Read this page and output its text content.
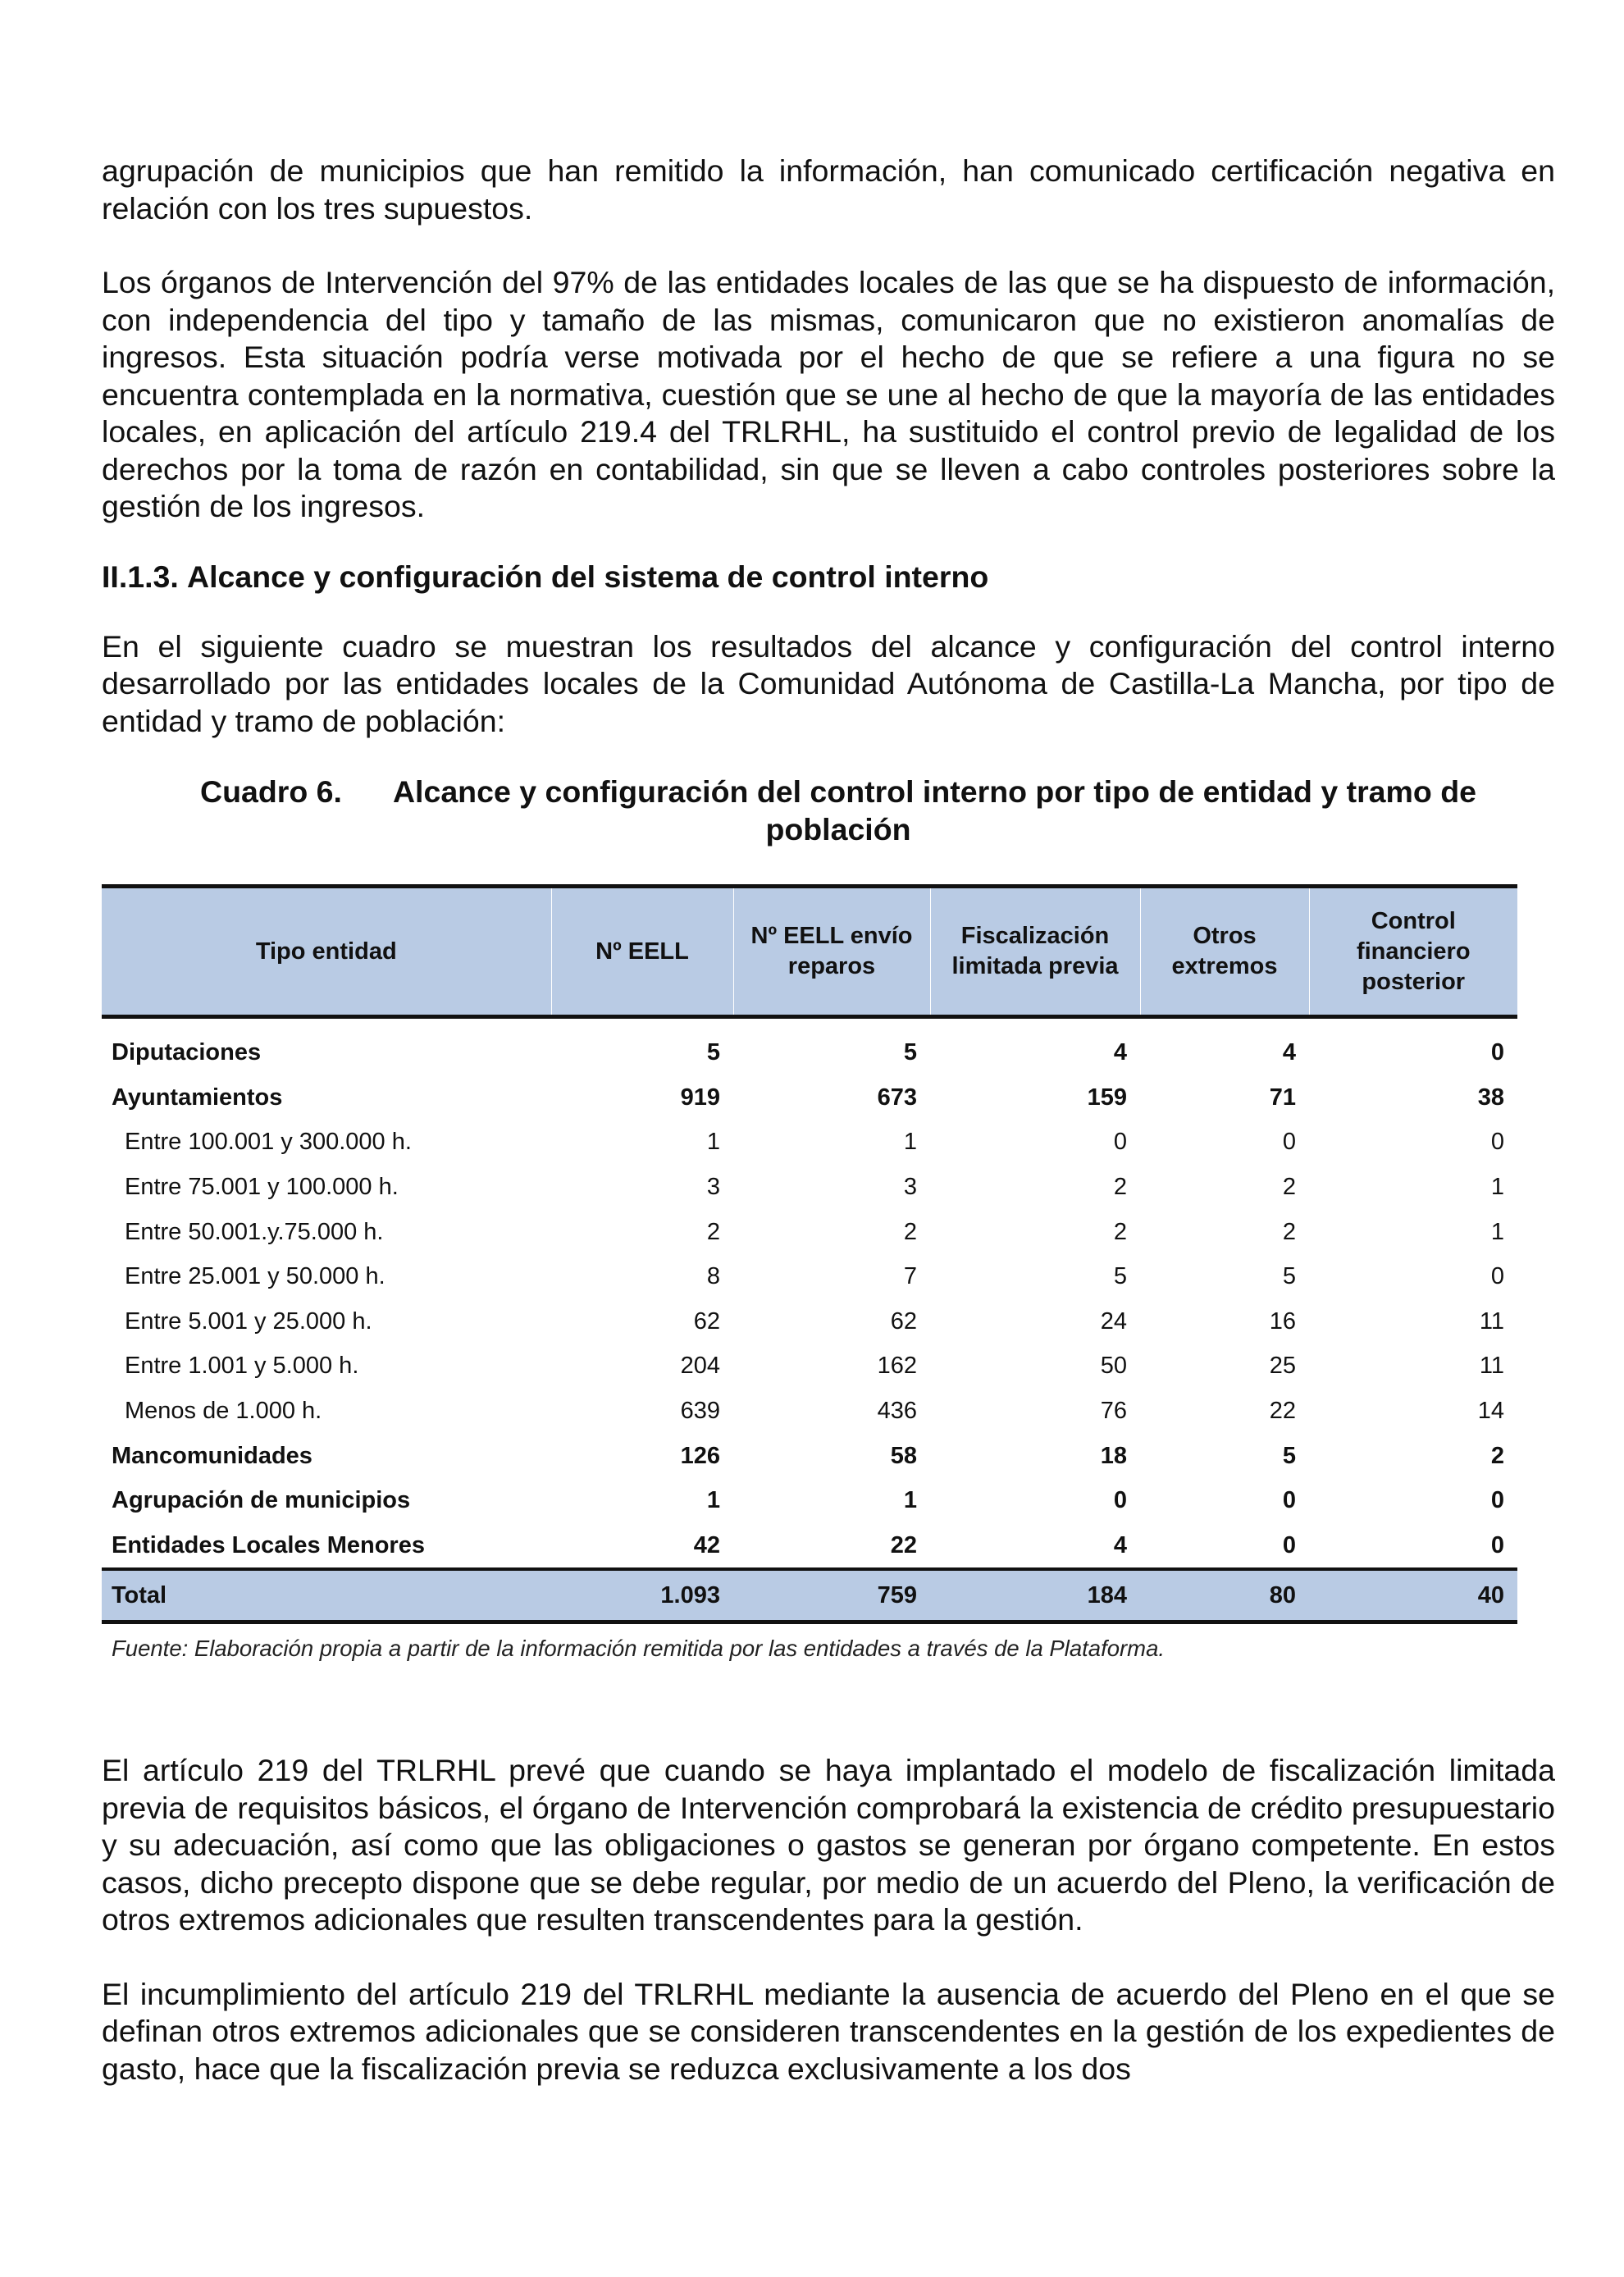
agrupación de municipios que han remitido la información, han comunicado certificación negativa en relación con los tres supuestos.

Los órganos de Intervención del 97% de las entidades locales de las que se ha dispuesto de información, con independencia del tipo y tamaño de las mismas, comunicaron que no existieron anomalías de ingresos. Esta situación podría verse motivada por el hecho de que se refiere a una figura no se encuentra contemplada en la normativa, cuestión que se une al hecho de que la mayoría de las entidades locales, en aplicación del artículo 219.4 del TRLRHL, ha sustituido el control previo de legalidad de los derechos por la toma de razón en contabilidad, sin que se lleven a cabo controles posteriores sobre la gestión de los ingresos.

II.1.3. Alcance y configuración del sistema de control interno

En el siguiente cuadro se muestran los resultados del alcance y configuración del control interno desarrollado por las entidades locales de la Comunidad Autónoma de Castilla-La Mancha, por tipo de entidad y tramo de población:

Cuadro 6. Alcance y configuración del control interno por tipo de entidad y tramo de población
Tipo entidad	Nº EELL	Nº EELL envío reparos	Fiscalización limitada previa	Otros extremos	Control financiero posterior
Diputaciones	5	5	4	4	0
Ayuntamientos	919	673	159	71	38
Entre 100.001 y 300.000 h.	1	1	0	0	0
Entre 75.001 y 100.000 h.	3	3	2	2	1
Entre 50.001.y.75.000 h.	2	2	2	2	1
Entre 25.001 y 50.000 h.	8	7	5	5	0
Entre 5.001 y 25.000 h.	62	62	24	16	11
Entre 1.001 y 5.000 h.	204	162	50	25	11
Menos de 1.000 h.	639	436	76	22	14
Mancomunidades	126	58	18	5	2
Agrupación de municipios	1	1	0	0	0
Entidades Locales Menores	42	22	4	0	0
Total	1.093	759	184	80	40
Fuente: Elaboración propia a partir de la información remitida por las entidades a través de la Plataforma.

El artículo 219 del TRLRHL prevé que cuando se haya implantado el modelo de fiscalización limitada previa de requisitos básicos, el órgano de Intervención comprobará la existencia de crédito presupuestario y su adecuación, así como que las obligaciones o gastos se generan por órgano competente. En estos casos, dicho precepto dispone que se debe regular, por medio de un acuerdo del Pleno, la verificación de otros extremos adicionales que resulten transcendentes para la gestión.

El incumplimiento del artículo 219 del TRLRHL mediante la ausencia de acuerdo del Pleno en el que se definan otros extremos adicionales que se consideren transcendentes en la gestión de los expedientes de gasto, hace que la fiscalización previa se reduzca exclusivamente a los dos
